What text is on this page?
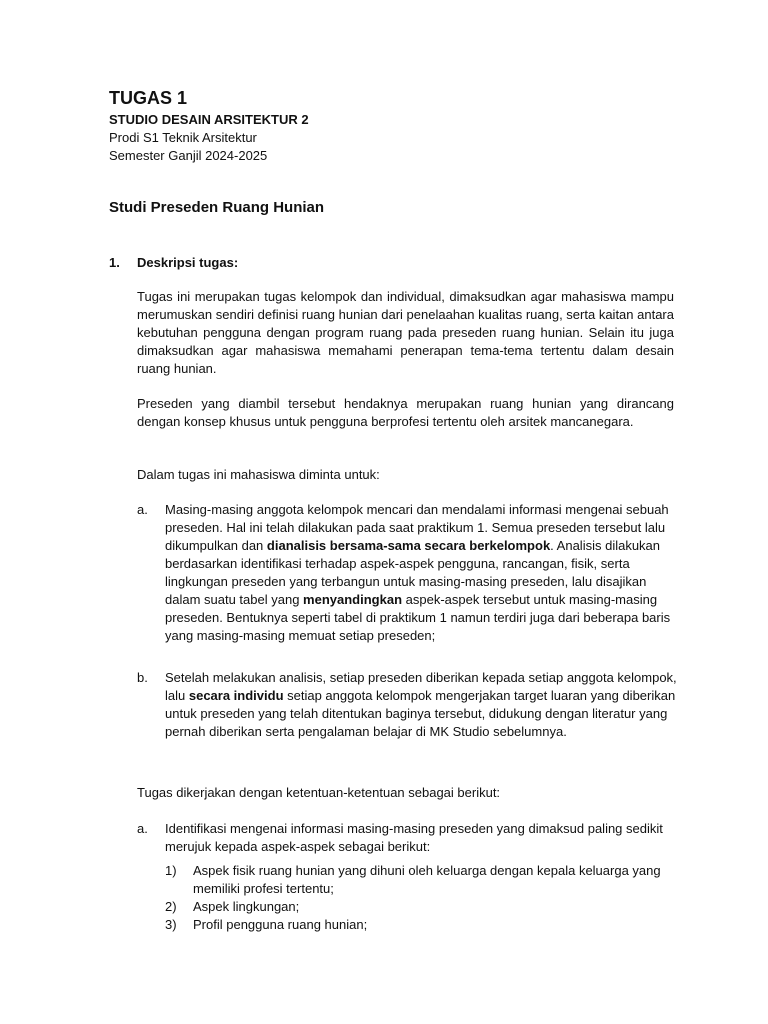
TUGAS 1
STUDIO DESAIN ARSITEKTUR 2
Prodi S1 Teknik Arsitektur
Semester Ganjil 2024-2025
Studi Preseden Ruang Hunian
1. Deskripsi tugas:

Tugas ini merupakan tugas kelompok dan individual, dimaksudkan agar mahasiswa mampu merumuskan sendiri definisi ruang hunian dari penelaahan kualitas ruang, serta kaitan antara kebutuhan pengguna dengan program ruang pada preseden ruang hunian. Selain itu juga dimaksudkan agar mahasiswa memahami penerapan tema-tema tertentu dalam desain ruang hunian.

Preseden yang diambil tersebut hendaknya merupakan ruang hunian yang dirancang dengan konsep khusus untuk pengguna berprofesi tertentu oleh arsitek mancanegara.

Dalam tugas ini mahasiswa diminta untuk:

a. Masing-masing anggota kelompok mencari dan mendalami informasi mengenai sebuah preseden. Hal ini telah dilakukan pada saat praktikum 1. Semua preseden tersebut lalu dikumpulkan dan dianalisis bersama-sama secara berkelompok. Analisis dilakukan berdasarkan identifikasi terhadap aspek-aspek pengguna, rancangan, fisik, serta lingkungan preseden yang terbangun untuk masing-masing preseden, lalu disajikan dalam suatu tabel yang menyandingkan aspek-aspek tersebut untuk masing-masing preseden. Bentuknya seperti tabel di praktikum 1 namun terdiri juga dari beberapa baris yang masing-masing memuat setiap preseden;

b. Setelah melakukan analisis, setiap preseden diberikan kepada setiap anggota kelompok, lalu secara individu setiap anggota kelompok mengerjakan target luaran yang diberikan untuk preseden yang telah ditentukan baginya tersebut, didukung dengan literatur yang pernah diberikan serta pengalaman belajar di MK Studio sebelumnya.

Tugas dikerjakan dengan ketentuan-ketentuan sebagai berikut:

a. Identifikasi mengenai informasi masing-masing preseden yang dimaksud paling sedikit merujuk kepada aspek-aspek sebagai berikut:

1) Aspek fisik ruang hunian yang dihuni oleh keluarga dengan kepala keluarga yang memiliki profesi tertentu;

2) Aspek lingkungan;

3) Profil pengguna ruang hunian;
